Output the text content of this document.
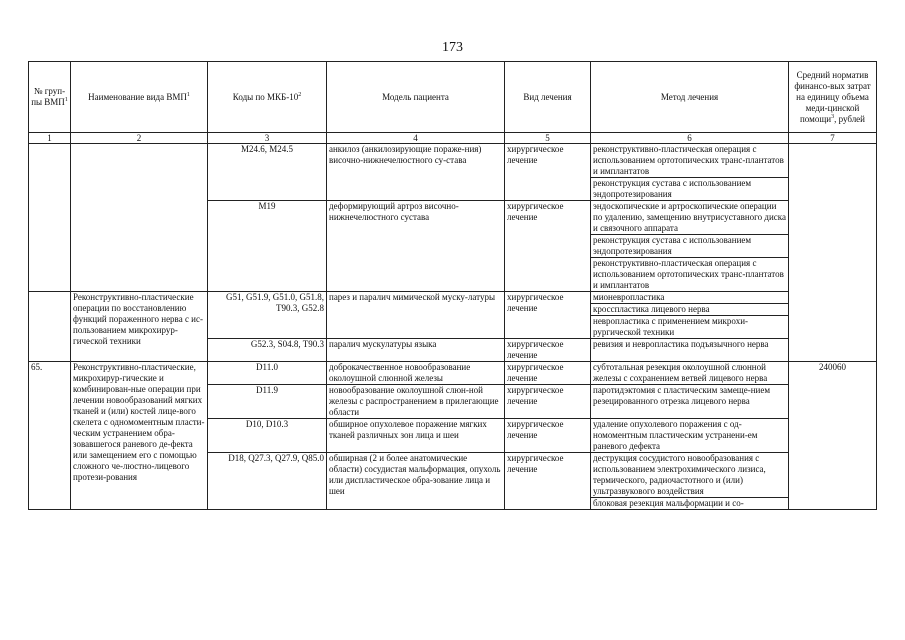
173
№ груп-пы ВМП$^1$	Наименование вида ВМП$^1$	Коды по МКБ-$10^2$	Модель пациента	Вид лечения	Метод лечения	Средний норматив финансо-вых затрат на единицу объема меди-цинской помощи$^3$, рублей
1	2	3	4	5	6	7
		M24.6, M24.5	анкилоз (анкилозирующие пораже-ния) височно-нижнечелюстного су-става	хирургическое лечение	реконструктивно-пластическая операция с использованием ортотопических транс-плантатов и имплантатов
реконструкция сустава с использованием эндопротезирования	

		M19	деформирующий артроз височно-нижнечелюстного сустава	хирургическое лечение	эндоскопические и артроскопические операции по удалению, замещению внутрисуставного диска и связочного аппарата
реконструкция сустава с использованием эндопротезирования
реконструктивно-пластическая операция с использованием ортотопических транс-плантатов и имплантатов	

	Реконструктивно-пластические операции по восстановлению функций пораженного нерва с ис-пользованием микрохирур-гической техники	G51, G51.9, G51.0, G51.8, T90.3, G52.8	парез и паралич мимической муску-латуры	хирургическое лечение	мионевропластика
кросспластика лицевого нерва
невропластика с применением микрохи-рургической техники	

		G52.3, S04.8, T90.3	паралич мускулатуры языка	хирургическое лечение	ревизия и невропластика подъязычного нерва	

65.	Реконструктивно-пластические, микрохирур-гические и комбинирован-ные операции при лечении новообразований мягких тканей и (или) костей лице-вого скелета с одномоментным пласти-ческим устранением обра-зовавшегося раневого де-фекта или замещением его с помощью сложного че-люстно-лицевого протези-рования	D11.0	доброкачественное новообразование околоушной слюнной железы	хирургическое лечение	субтотальная резекция околоушной слюнной железы с сохранением ветвей лицевого нерва	240060
		D11.9	новообразование околоушной слюн-ной железы с распространением в прилегающие области	хирургическое лечение	паротидэктомия с пластическим замеще-нием резецированного отрезка лицевого нерва	

		D10, D10.3	обширное опухолевое поражение мягких тканей различных зон лица и шеи	хирургическое лечение	удаление опухолевого поражения с од-номоментным пластическим устранени-ем раневого дефекта	

		D18, Q27.3, Q27.9, Q85.0	обширная (2 и более анатомические области) сосудистая мальформация, опухоль или диспластическое обра-зование лица и шеи	хирургическое лечение	деструкция сосудистого новообразования с использованием электрохимического лизиса, термического, радиочастотного и (или) ультразвукового воздействия
блоковая резекция мальформации и со-	
